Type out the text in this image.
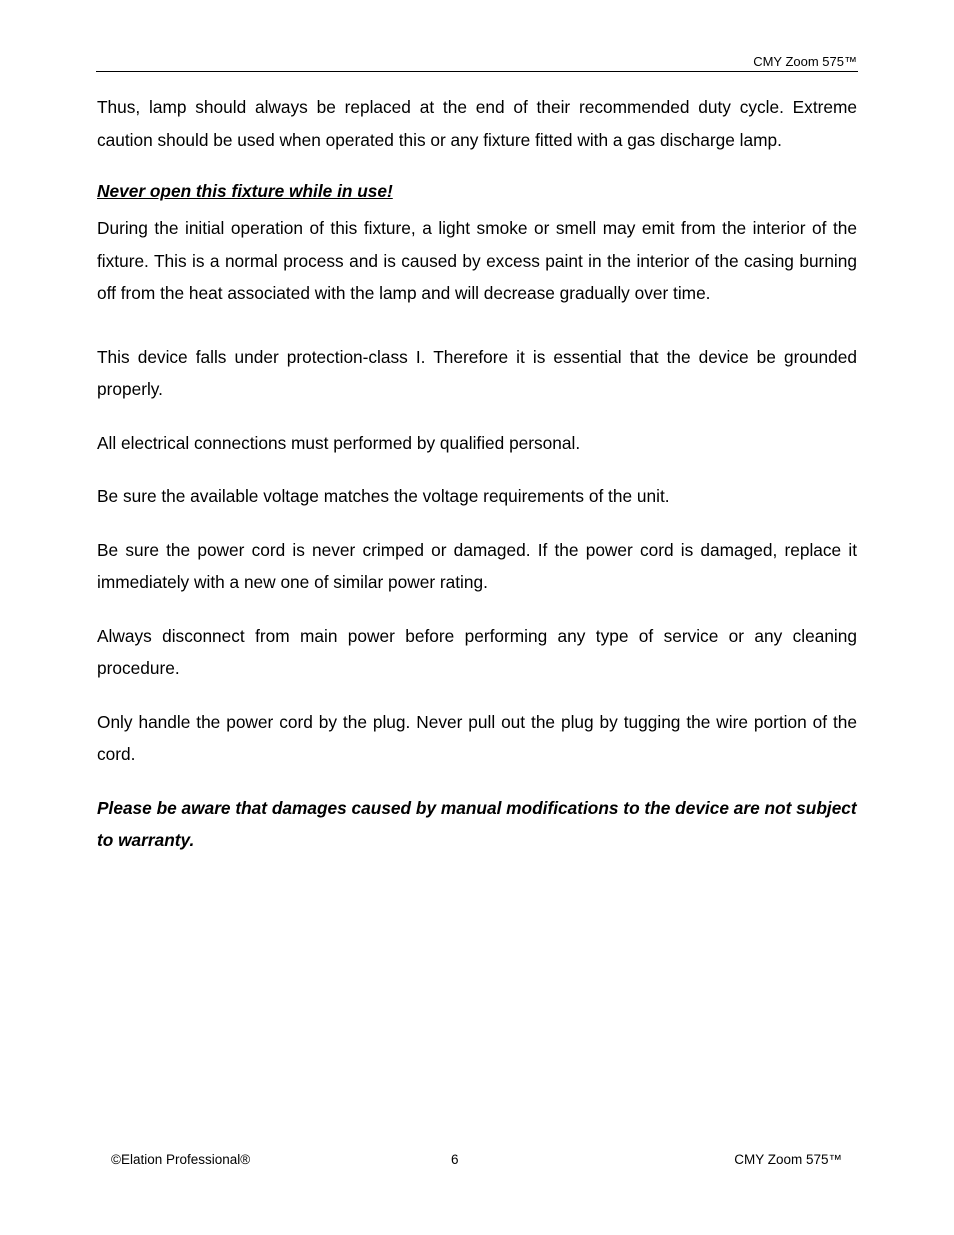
CMY Zoom 575™

Thus, lamp should always be replaced at the end of their recommended duty cycle. Extreme caution should be used when operated this or any fixture fitted with a gas discharge lamp.

Never open this fixture while in use!

During the initial operation of this fixture, a light smoke or smell may emit from the interior of the fixture. This is a normal process and is caused by excess paint in the interior of the casing burning off from the heat associated with the lamp and will decrease gradually over time.

This device falls under protection-class I. Therefore it is essential that the device be grounded properly.

All electrical connections must performed by qualified personal.

Be sure the available voltage matches the voltage requirements of the unit.

Be sure the power cord is never crimped or damaged. If the power cord is damaged, replace it immediately with a new one of similar power rating.

Always disconnect from main power before performing any type of service or any cleaning procedure.

Only handle the power cord by the plug. Never pull out the plug by tugging the wire portion of the cord.

Please be aware that damages caused by manual modifications to the device are not subject to warranty.

©Elation Professional®	6	CMY Zoom 575™
